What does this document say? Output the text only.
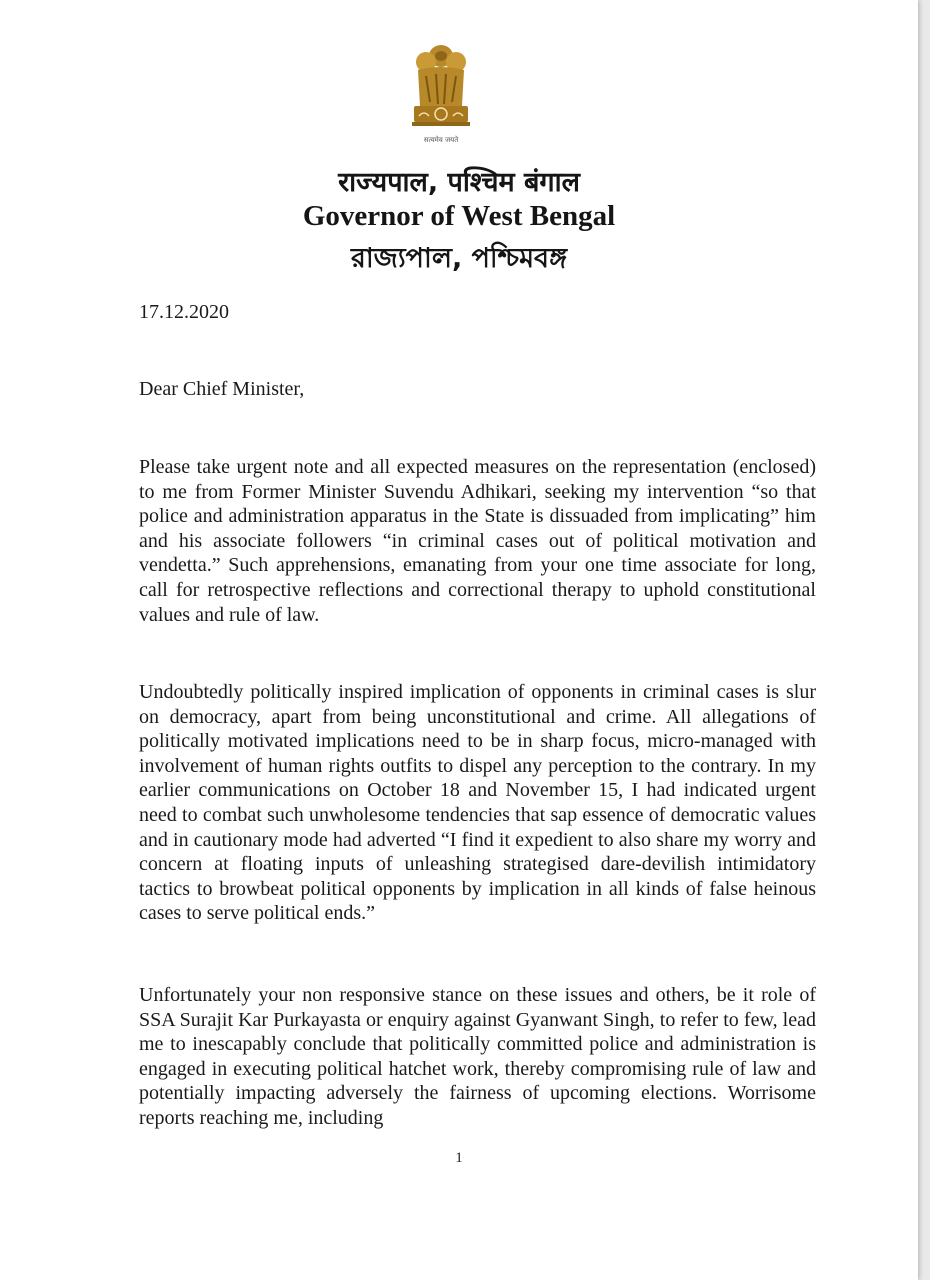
सत्यमेव जयते
राज्यपाल, पश्चिम बंगाल
Governor of West Bengal
রাজ্যপাল, পশ্চিমবঙ্গ
17.12.2020
Dear Chief Minister,

Please take urgent note and all expected measures on the representation (enclosed) to me from Former Minister Suvendu Adhikari, seeking my intervention “so that police and administration apparatus in the State is dissuaded from implicating” him and his associate followers “in criminal cases out of political motivation and vendetta.” Such apprehensions, emanating from your one time associate for long, call for retrospective reflections and correctional therapy to uphold constitutional values and rule of law.

Undoubtedly politically inspired implication of opponents in criminal cases is slur on democracy, apart from being unconstitutional and crime. All allegations of politically motivated implications need to be in sharp focus, micro-managed with involvement of human rights outfits to dispel any perception to the contrary. In my earlier communications on October 18 and November 15, I had indicated urgent need to combat such unwholesome tendencies that sap essence of democratic values and in cautionary mode had adverted “I find it expedient to also share my worry and concern at floating inputs of unleashing strategised dare-devilish intimidatory tactics to browbeat political opponents by implication in all kinds of false heinous cases to serve political ends.”

Unfortunately your non responsive stance on these issues and others, be it role of SSA Surajit Kar Purkayasta or enquiry against Gyanwant Singh, to refer to few, lead me to inescapably conclude that politically committed police and administration is engaged in executing political hatchet work, thereby compromising rule of law and potentially impacting adversely the fairness of upcoming elections. Worrisome reports reaching me, including

1
